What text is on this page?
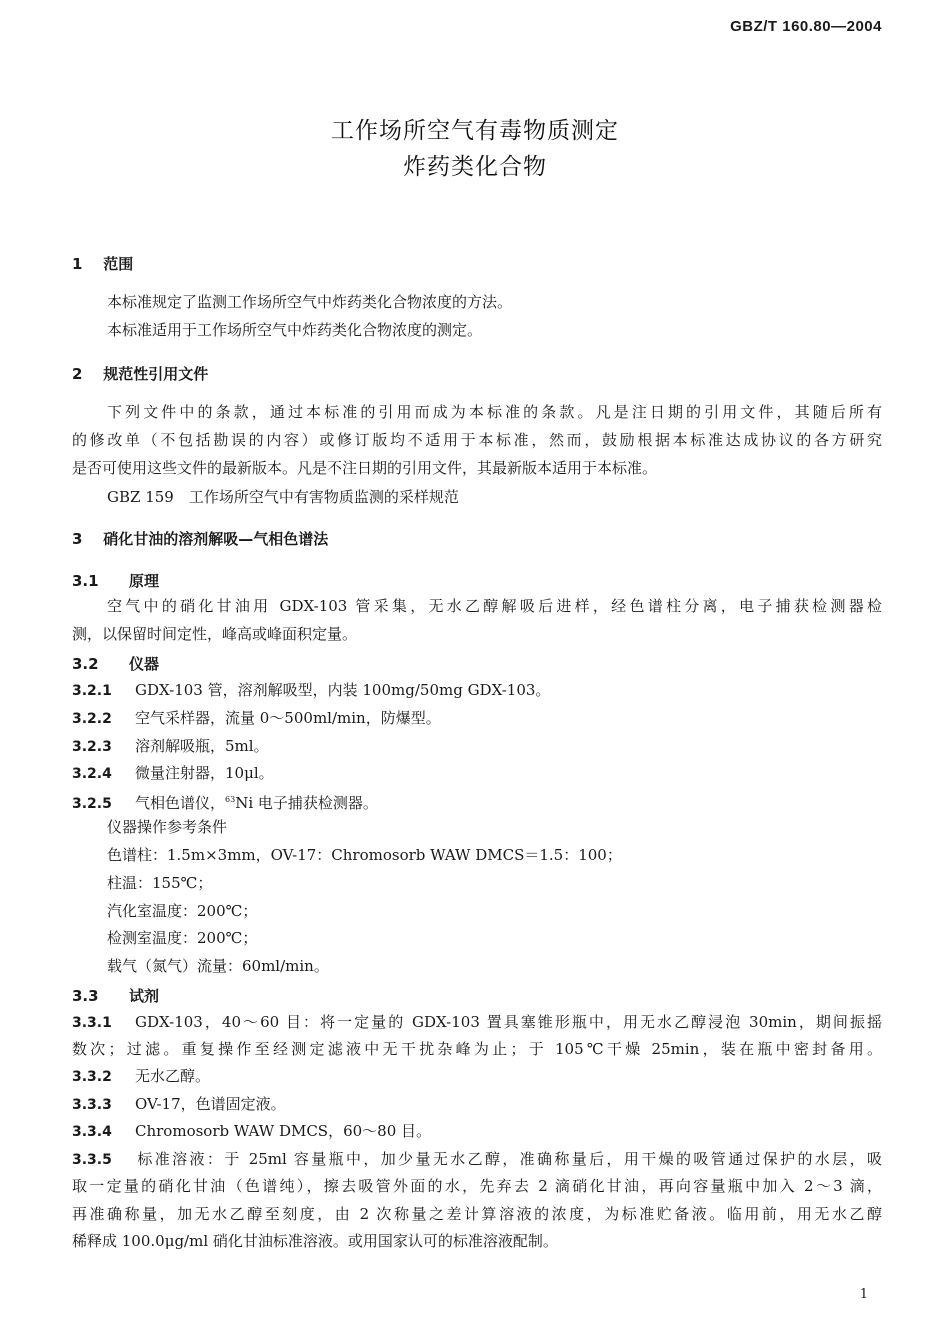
GBZ/T 160.80—2004
工作场所空气有毒物质测定
炸药类化合物
1 范围
本标准规定了监测工作场所空气中炸药类化合物浓度的方法。
本标准适用于工作场所空气中炸药类化合物浓度的测定。
2 规范性引用文件
下列文件中的条款，通过本标准的引用而成为本标准的条款。凡是注日期的引用文件，其随后所有
的修改单（不包括勘误的内容）或修订版均不适用于本标准，然而，鼓励根据本标准达成协议的各方研究
是否可使用这些文件的最新版本。凡是不注日期的引用文件，其最新版本适用于本标准。
GBZ 159　工作场所空气中有害物质监测的采样规范
3 硝化甘油的溶剂解吸—气相色谱法
3.1 原理
空气中的硝化甘油用 GDX-103 管采集，无水乙醇解吸后进样，经色谱柱分离，电子捕获检测器检
测，以保留时间定性，峰高或峰面积定量。
3.2 仪器
3.2.1 GDX-103 管，溶剂解吸型，内装 100mg/50mg GDX-103。
3.2.2 空气采样器，流量 0～500ml/min，防爆型。
3.2.3 溶剂解吸瓶，5ml。
3.2.4 微量注射器，10μl。
3.2.5 气相色谱仪，$^{63}$Ni 电子捕获检测器。
仪器操作参考条件
色谱柱：1.5m×3mm，OV-17：Chromosorb WAW DMCS＝1.5：100；
柱温：155℃；
汽化室温度：200℃；
检测室温度：200℃；
载气（氮气）流量：60ml/min。
3.3 试剂
3.3.1 GDX-103，40～60 目：将一定量的 GDX-103 置具塞锥形瓶中，用无水乙醇浸泡 30min，期间振摇
数次；过滤。重复操作至经测定滤液中无干扰杂峰为止；于 105℃干燥 25min，装在瓶中密封备用。
3.3.2 无水乙醇。
3.3.3 OV-17，色谱固定液。
3.3.4 Chromosorb WAW DMCS，60～80 目。
3.3.5 标准溶液：于 25ml 容量瓶中，加少量无水乙醇，准确称量后，用干燥的吸管通过保护的水层，吸
取一定量的硝化甘油（色谱纯），擦去吸管外面的水，先弃去 2 滴硝化甘油，再向容量瓶中加入 2～3 滴，
再准确称量，加无水乙醇至刻度，由 2 次称量之差计算溶液的浓度，为标准贮备液。临用前，用无水乙醇
稀释成 100.0μg/ml 硝化甘油标准溶液。或用国家认可的标准溶液配制。
1
